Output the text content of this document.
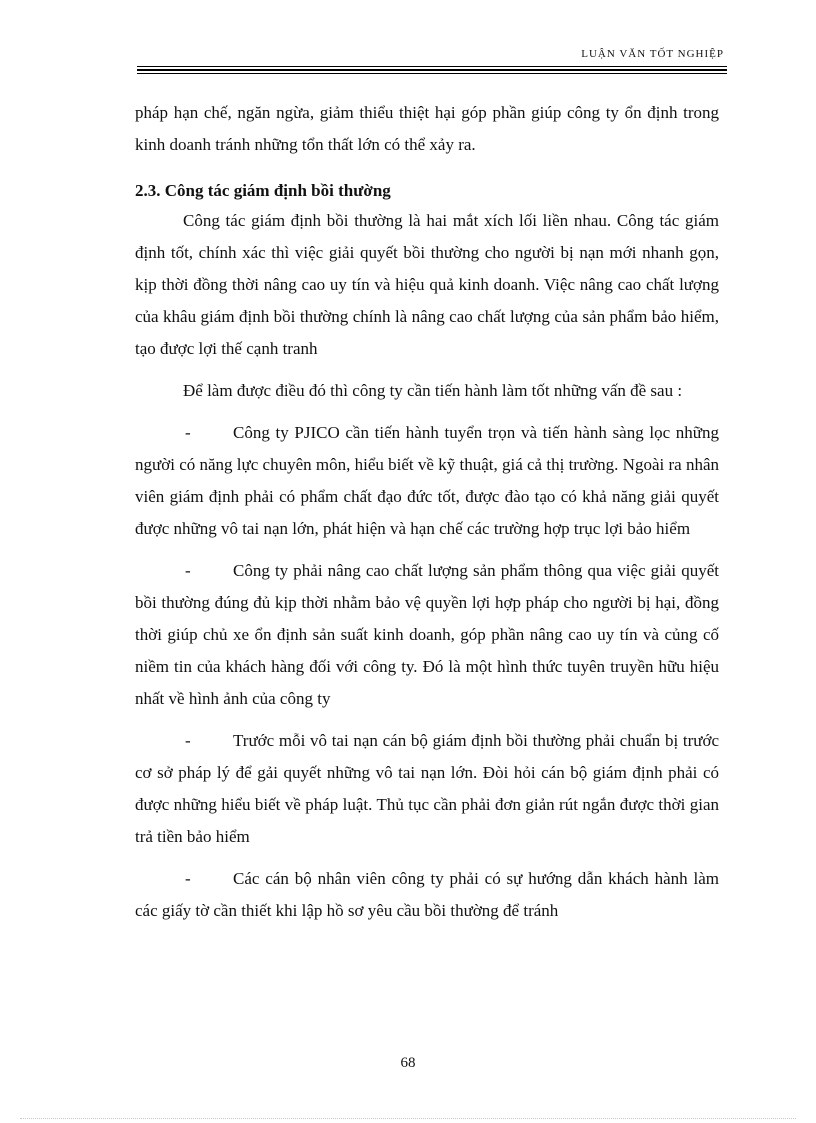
LUẬN VĂN TỐT NGHIỆP

pháp hạn chế, ngăn ngừa, giảm thiểu thiệt hại góp phần giúp công ty ổn định trong kinh doanh tránh những tổn thất lớn có thể xảy ra.

2.3. Công tác giám định bồi thường

Công tác giám định bồi thường là hai mắt xích lối liền nhau. Công tác giám định tốt, chính xác thì việc giải quyết bồi thường cho người bị nạn mới nhanh gọn, kịp thời đồng thời nâng cao uy tín và hiệu quả kinh doanh. Việc nâng cao chất lượng của khâu giám định bồi thường chính là nâng cao chất lượng của sản phẩm bảo hiểm, tạo được lợi thế cạnh tranh

Để làm được điều đó thì công ty cần tiến hành làm tốt những vấn đề sau :

- Công ty PJICO cần tiến hành tuyển trọn và tiến hành sàng lọc những người có năng lực chuyên môn, hiểu biết về kỹ thuật, giá cả thị trường. Ngoài ra nhân viên giám định phải có phẩm chất đạo đức tốt, được đào tạo có khả năng giải quyết được những vô tai nạn lớn, phát hiện và hạn chế các trường hợp trục lợi bảo hiểm

- Công ty phải nâng cao chất lượng sản phẩm thông qua việc giải quyết bồi thường đúng đủ kịp thời nhằm bảo vệ quyền lợi hợp pháp cho người bị hại, đồng thời giúp chủ xe ổn định sản suất kinh doanh, góp phần nâng cao uy tín và củng cố niềm tin của khách hàng đối với công ty. Đó là một hình thức tuyên truyền hữu hiệu nhất về hình ảnh của công ty

- Trước mỗi vô tai nạn cán bộ giám định bồi thường phải chuẩn bị trước cơ sở pháp lý để gải quyết những vô tai nạn lớn. Đòi hỏi cán bộ giám định phải có được những hiểu biết về pháp luật. Thủ tục cần phải đơn giản rút ngắn được thời gian trả tiền bảo hiểm

- Các cán bộ nhân viên công ty phải có sự hướng dẫn khách hành làm các giấy tờ cần thiết khi lập hồ sơ yêu cầu bồi thường để tránh

68
